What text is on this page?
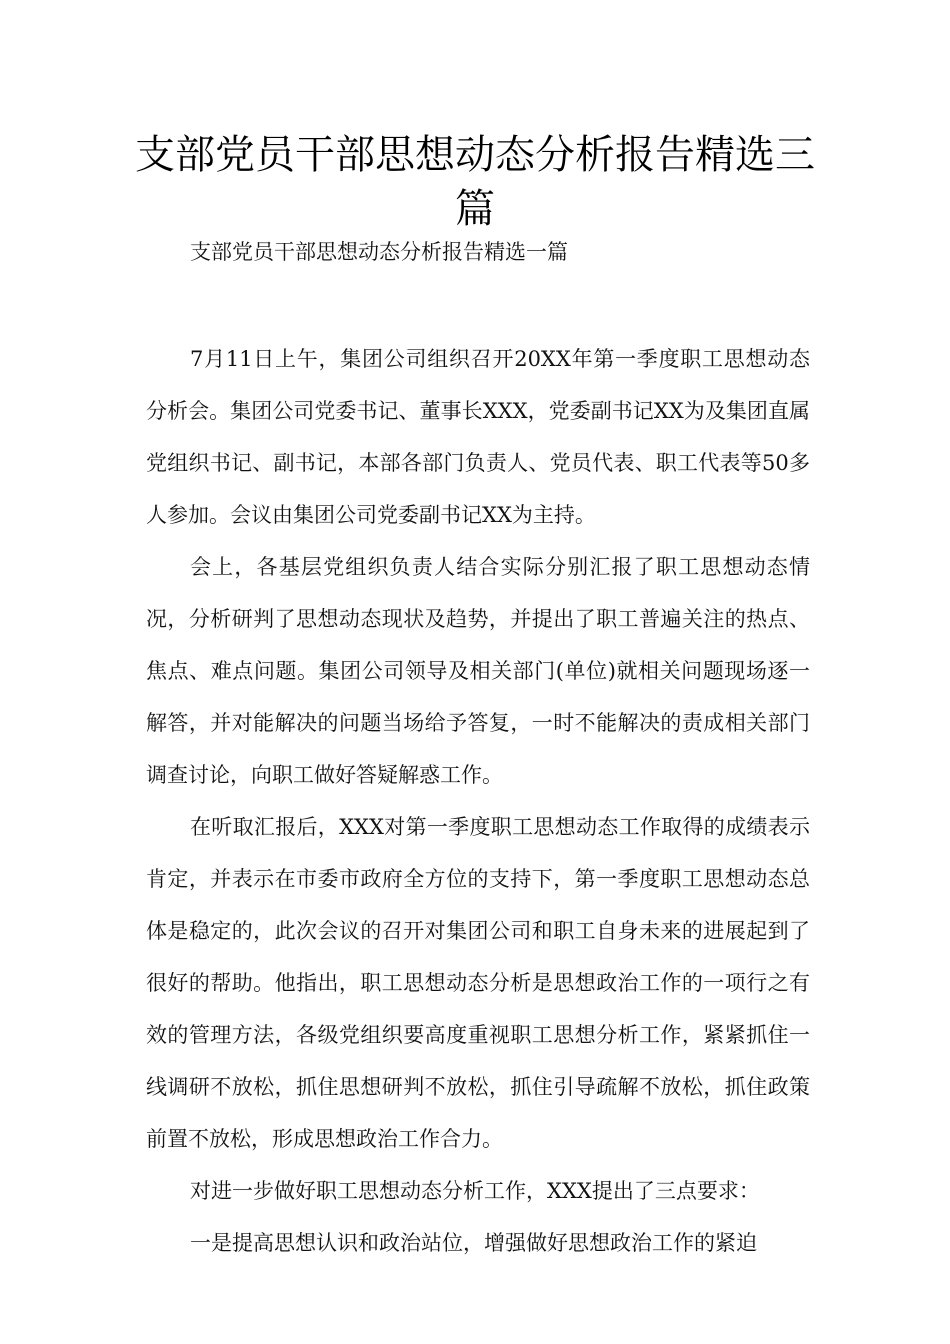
支部党员干部思想动态分析报告精选三篇

支部党员干部思想动态分析报告精选一篇

7月11日上午，集团公司组织召开20XX年第一季度职工思想动态分析会。集团公司党委书记、董事长XXX，党委副书记XX为及集团直属党组织书记、副书记，本部各部门负责人、党员代表、职工代表等50多人参加。会议由集团公司党委副书记XX为主持。

会上，各基层党组织负责人结合实际分别汇报了职工思想动态情况，分析研判了思想动态现状及趋势，并提出了职工普遍关注的热点、焦点、难点问题。集团公司领导及相关部门(单位)就相关问题现场逐一解答，并对能解决的问题当场给予答复，一时不能解决的责成相关部门调查讨论，向职工做好答疑解惑工作。

在听取汇报后，XXX对第一季度职工思想动态工作取得的成绩表示肯定，并表示在市委市政府全方位的支持下，第一季度职工思想动态总体是稳定的，此次会议的召开对集团公司和职工自身未来的进展起到了很好的帮助。他指出，职工思想动态分析是思想政治工作的一项行之有效的管理方法，各级党组织要高度重视职工思想分析工作，紧紧抓住一线调研不放松，抓住思想研判不放松，抓住引导疏解不放松，抓住政策前置不放松，形成思想政治工作合力。

对进一步做好职工思想动态分析工作，XXX提出了三点要求：

一是提高思想认识和政治站位，增强做好思想政治工作的紧迫
